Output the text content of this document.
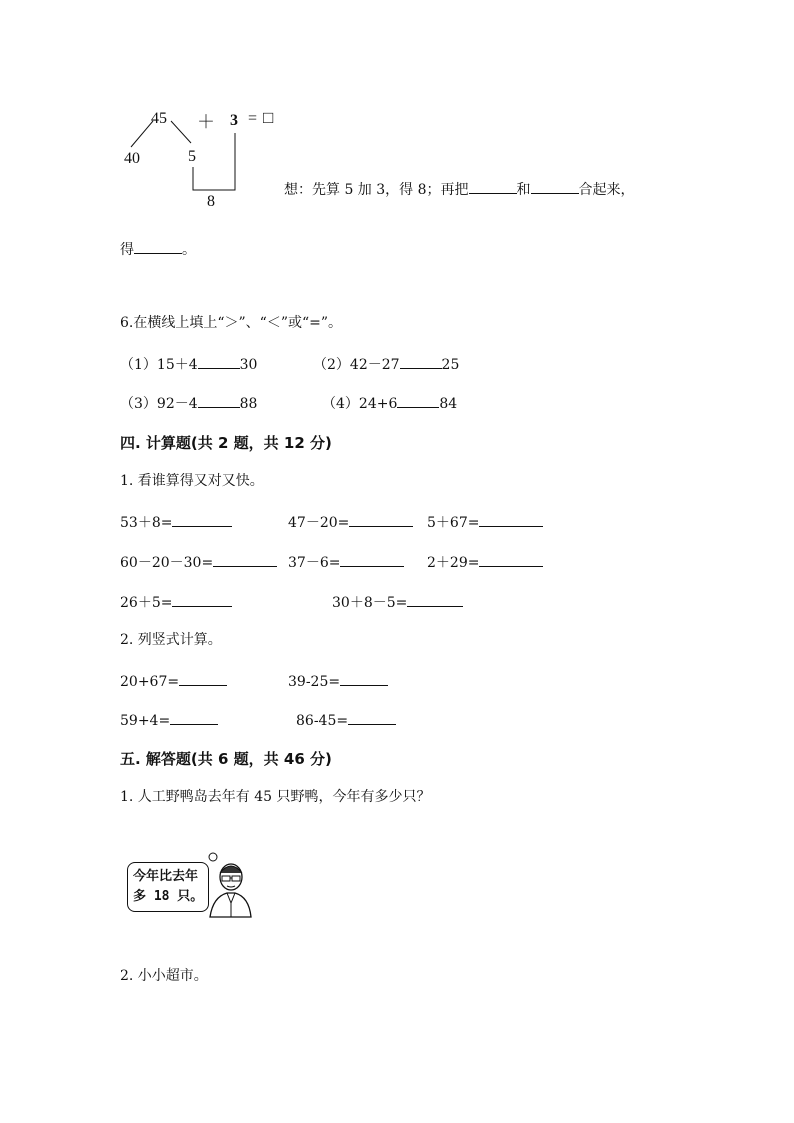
45 ＋ 3 = □
40	5
8
想：先算 5 加 3，得 8；再把	和	合起来，
得	。
6.在横线上填上“＞”、“＜”或“=”。
（1）15＋4	30	（2）42－27	25
（3）92－4	88	（4）24+6	84
四. 计算题(共 2 题，共 12 分)
1. 看谁算得又对又快。
53＋8=	47－20=	5＋67=
60－20－30=	37－6=	2＋29=
26＋5=	30＋8－5=
2. 列竖式计算。
20+67=	39-25=
59+4=	86-45=
五. 解答题(共 6 题，共 46 分)
1. 人工野鸭岛去年有 45 只野鸭，今年有多少只？
今年比去年
多 18 只。
2. 小小超市。
